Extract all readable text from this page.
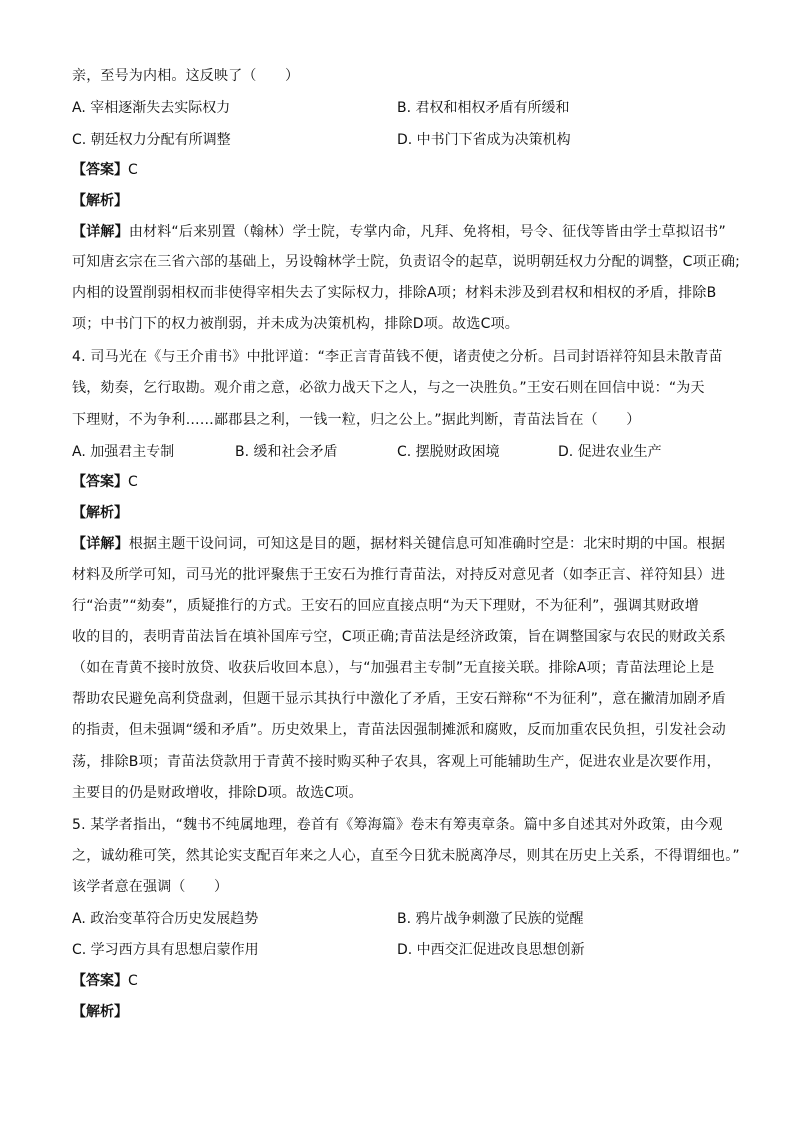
亲，至号为内相。这反映了（　　）
A. 宰相逐渐失去实际权力	B. 君权和相权矛盾有所缓和
C. 朝廷权力分配有所调整	D. 中书门下省成为决策机构
【答案】C
【解析】
【详解】由材料“后来别置（翰林）学士院，专掌内命，凡拜、免将相，号令、征伐等皆由学士草拟诏书”
可知唐玄宗在三省六部的基础上，另设翰林学士院，负责诏令的起草，说明朝廷权力分配的调整，C项正确;
内相的设置削弱相权而非使得宰相失去了实际权力，排除A项；材料未涉及到君权和相权的矛盾，排除B
项；中书门下的权力被削弱，并未成为决策机构，排除D项。故选C项。
4. 司马光在《与王介甫书》中批评道：“李正言青苗钱不便，诸责使之分析。吕司封语祥符知县未散青苗
钱，劾奏，乞行取勘。观介甫之意，必欲力战天下之人，与之一决胜负。”王安石则在回信中说：“为天
下理财，不为争利……鄙郡县之利，一钱一粒，归之公上。”据此判断，青苗法旨在（　　）
A. 加强君主专制	B. 缓和社会矛盾	C. 摆脱财政困境	D. 促进农业生产
【答案】C
【解析】
【详解】根据主题干设问词，可知这是目的题，据材料关键信息可知准确时空是：北宋时期的中国。根据
材料及所学可知，司马光的批评聚焦于王安石为推行青苗法，对持反对意见者（如李正言、祥符知县）进
行“治责”“劾奏”，质疑推行的方式。王安石的回应直接点明“为天下理财，不为征利”，强调其财政增
收的目的，表明青苗法旨在填补国库亏空，C项正确;青苗法是经济政策，旨在调整国家与农民的财政关系
（如在青黄不接时放贷、收获后收回本息），与“加强君主专制”无直接关联。排除A项；青苗法理论上是
帮助农民避免高利贷盘剥，但题干显示其执行中激化了矛盾，王安石辩称“不为征利”，意在撇清加剧矛盾
的指责，但未强调“缓和矛盾”。历史效果上，青苗法因强制摊派和腐败，反而加重农民负担，引发社会动
荡，排除B项；青苗法贷款用于青黄不接时购买种子农具，客观上可能辅助生产，促进农业是次要作用，
主要目的仍是财政增收，排除D项。故选C项。
5. 某学者指出，“魏书不纯属地理，卷首有《筹海篇》卷末有筹夷章条。篇中多自述其对外政策，由今观
之，诚幼稚可笑，然其论实支配百年来之人心，直至今日犹未脱离净尽，则其在历史上关系，不得谓细也。”
该学者意在强调（　　）
A. 政治变革符合历史发展趋势	B. 鸦片战争刺激了民族的觉醒
C. 学习西方具有思想启蒙作用	D. 中西交汇促进改良思想创新
【答案】C
【解析】
